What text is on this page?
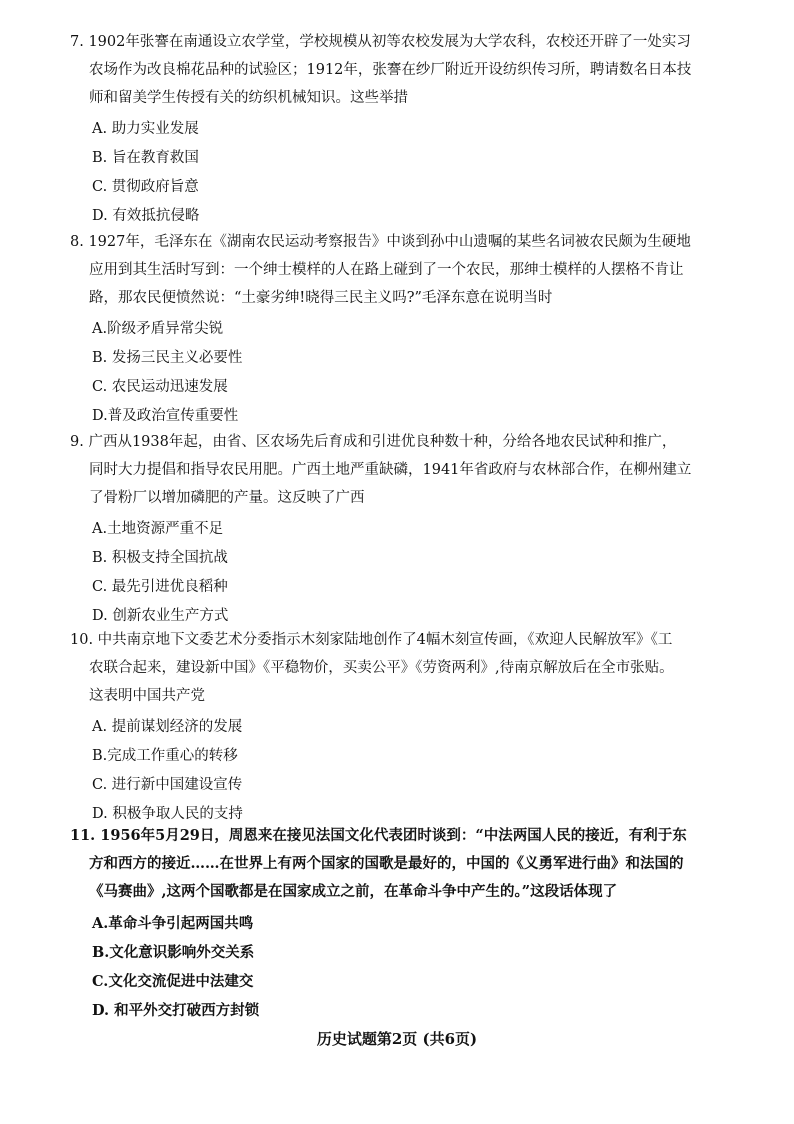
7. 1902年张謇在南通设立农学堂，学校规模从初等农校发展为大学农科，农校还开辟了一处实习
农场作为改良棉花品种的试验区；1912年，张謇在纱厂附近开设纺织传习所，聘请数名日本技
师和留美学生传授有关的纺织机械知识。这些举措
A. 助力实业发展
B. 旨在教育救国
C. 贯彻政府旨意
D. 有效抵抗侵略
8. 1927年，毛泽东在《湖南农民运动考察报告》中谈到孙中山遗嘱的某些名词被农民颇为生硬地
应用到其生活时写到：一个绅士模样的人在路上碰到了一个农民，那绅士模样的人摆格不肯让
路，那农民便愤然说：“土豪劣绅!晓得三民主义吗?”毛泽东意在说明当时
A.阶级矛盾异常尖锐
B. 发扬三民主义必要性
C. 农民运动迅速发展
D.普及政治宣传重要性
9. 广西从1938年起，由省、区农场先后育成和引进优良种数十种，分给各地农民试种和推广，
同时大力提倡和指导农民用肥。广西土地严重缺磷，1941年省政府与农林部合作，在柳州建立
了骨粉厂以增加磷肥的产量。这反映了广西
A.土地资源严重不足
B. 积极支持全国抗战
C. 最先引进优良稻种
D. 创新农业生产方式
10. 中共南京地下文委艺术分委指示木刻家陆地创作了4幅木刻宣传画，《欢迎人民解放军》《工
农联合起来，建设新中国》《平稳物价，买卖公平》《劳资两利》,待南京解放后在全市张贴。
这表明中国共产党
A. 提前谋划经济的发展
B.完成工作重心的转移
C. 进行新中国建设宣传
D. 积极争取人民的支持
11. 1956年5月29日，周恩来在接见法国文化代表团时谈到：“中法两国人民的接近，有利于东
方和西方的接近……在世界上有两个国家的国歌是最好的，中国的《义勇军进行曲》和法国的
《马赛曲》,这两个国歌都是在国家成立之前，在革命斗争中产生的。”这段话体现了
A.革命斗争引起两国共鸣
B.文化意识影响外交关系
C.文化交流促进中法建交
D. 和平外交打破西方封锁
历史试题第2页 (共6页)
